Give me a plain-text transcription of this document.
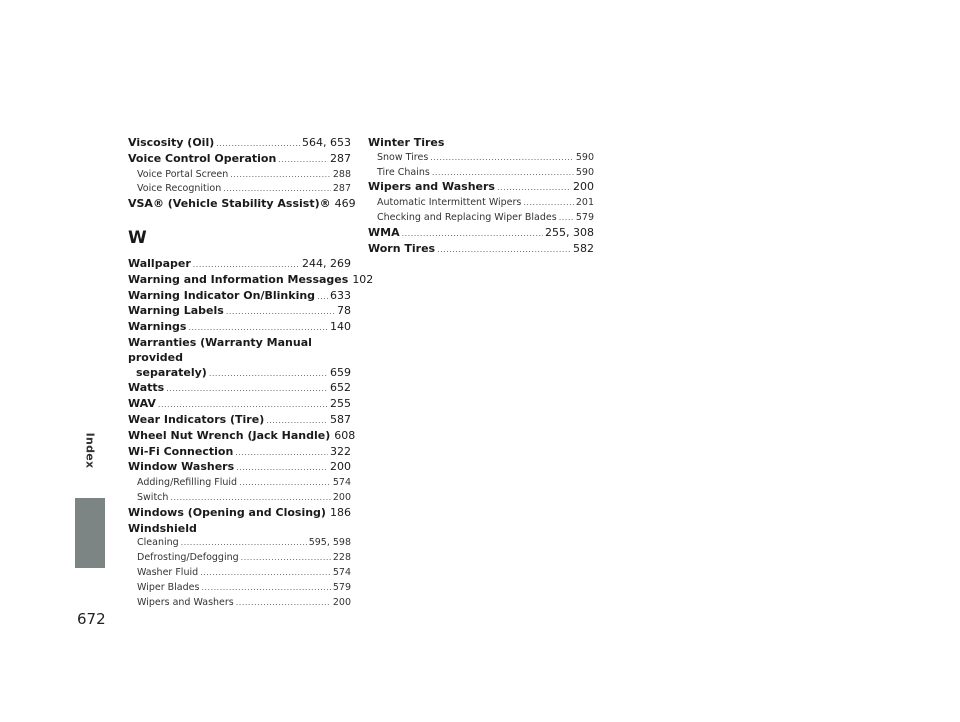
Index
672
Viscosity (Oil) .....	564, 653
Voice Control Operation .....	287
Voice Portal Screen .....	288
Voice Recognition .....	287
VSA® (Vehicle Stability Assist)® 469
W
Wallpaper .....	244, 269
Warning and Information Messages 102
Warning Indicator On/Blinking ..... 633
Warning Labels .....	78
Warnings .....	140
Warranties (Warranty Manual provided
separately) .....	659
Watts .....	652
WAV .....	255
Wear Indicators (Tire) .....	587
Wheel Nut Wrench (Jack Handle) 608
Wi-Fi Connection .....	322
Window Washers .....	200
Adding/Refilling Fluid .....	574
Switch .....	200
Windows (Opening and Closing) ..... 186
Windshield
Cleaning .....	595, 598
Defrosting/Defogging .....	228
Washer Fluid .....	574
Wiper Blades .....	579
Wipers and Washers .....	200
Winter Tires
Snow Tires .....	590
Tire Chains .....	590
Wipers and Washers .....	200
Automatic Intermittent Wipers .....	201
Checking and Replacing Wiper Blades ..... 579
WMA .....	255, 308
Worn Tires .....	582
